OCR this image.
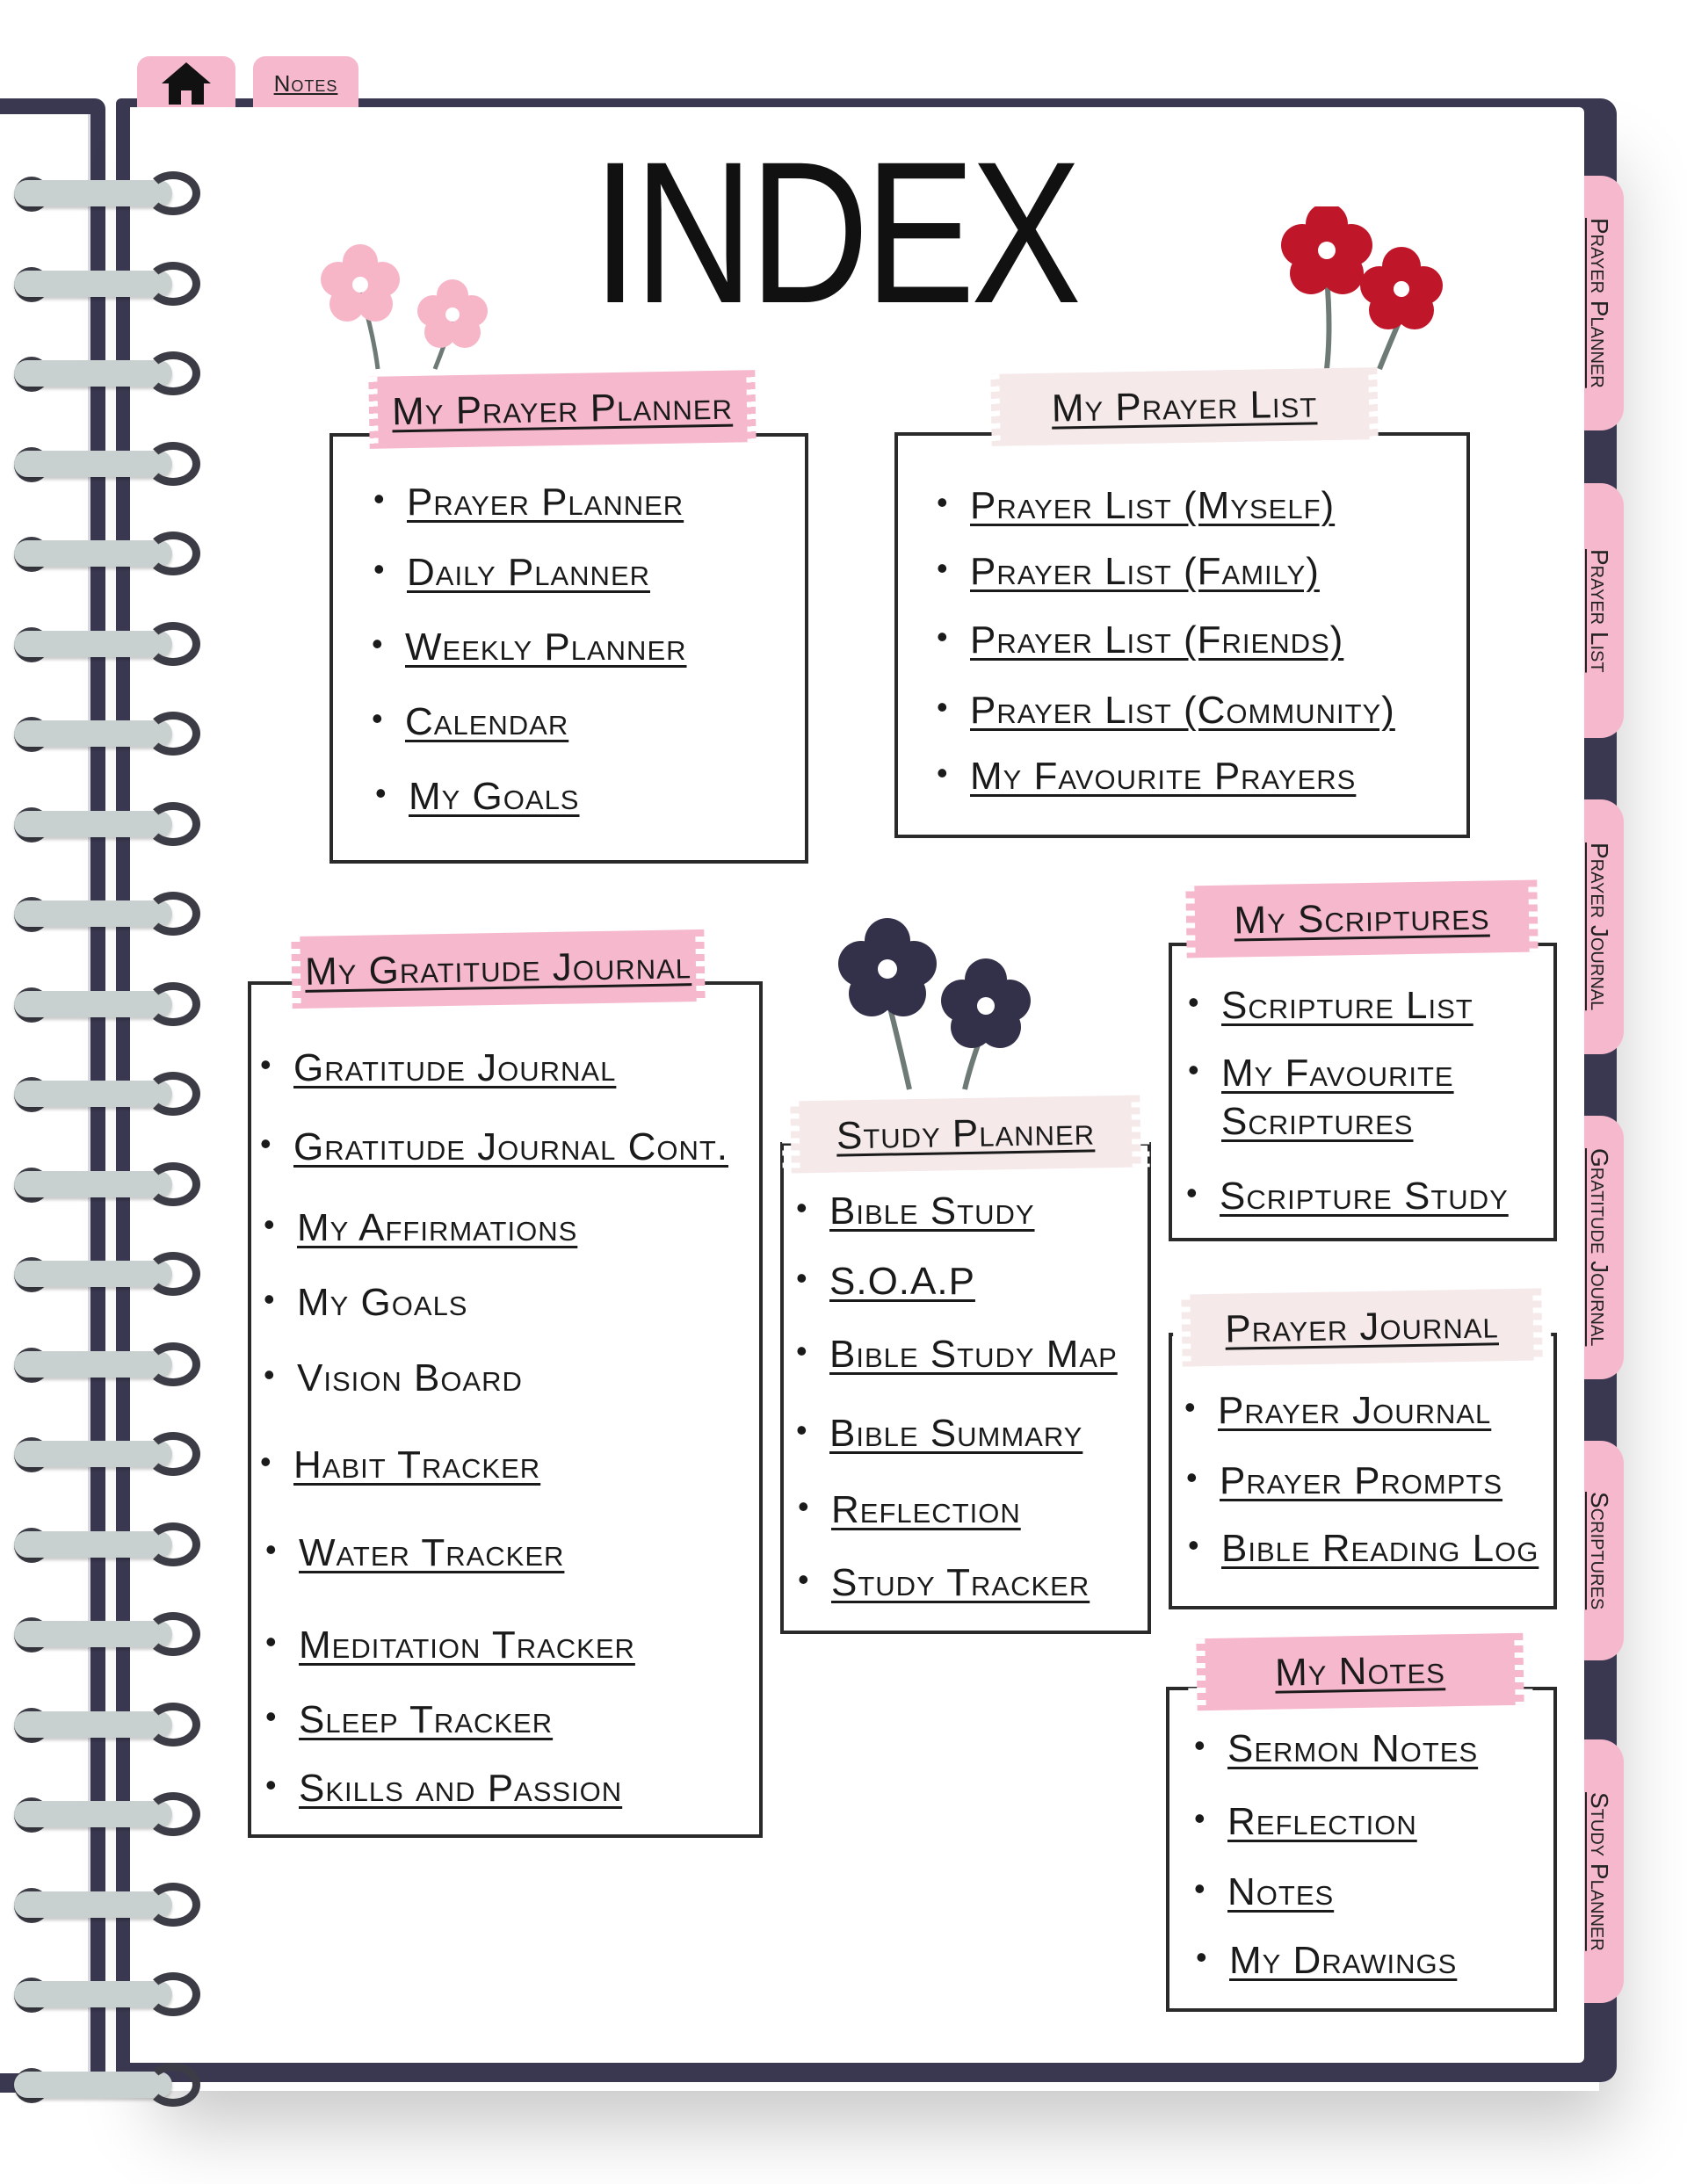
Notes
Prayer Planner
Prayer List
Prayer Journal
Gratitude Journal
Scriptures
Study Planner
INDEX
• Prayer Planner
• Daily Planner
• Weekly Planner
• Calendar
• My Goals
My Prayer Planner
• Prayer List (Myself)
• Prayer List (Family)
• Prayer List (Friends)
• Prayer List (Community)
• My Favourite Prayers
My Prayer List
• Gratitude Journal
• Gratitude Journal Cont.
• My Affirmations
• My Goals
• Vision Board
• Habit Tracker
• Water Tracker
• Meditation Tracker
• Sleep Tracker
• Skills and Passion
My Gratitude Journal
• Bible Study
• S.O.A.P
• Bible Study Map
• Bible Summary
• Reflection
• Study Tracker
Study Planner
• Scripture List
• My Favourite
Scriptures
• Scripture Study
My Scriptures
• Prayer Journal
• Prayer Prompts
• Bible Reading Log
Prayer Journal
• Sermon Notes
• Reflection
• Notes
• My Drawings
My Notes
